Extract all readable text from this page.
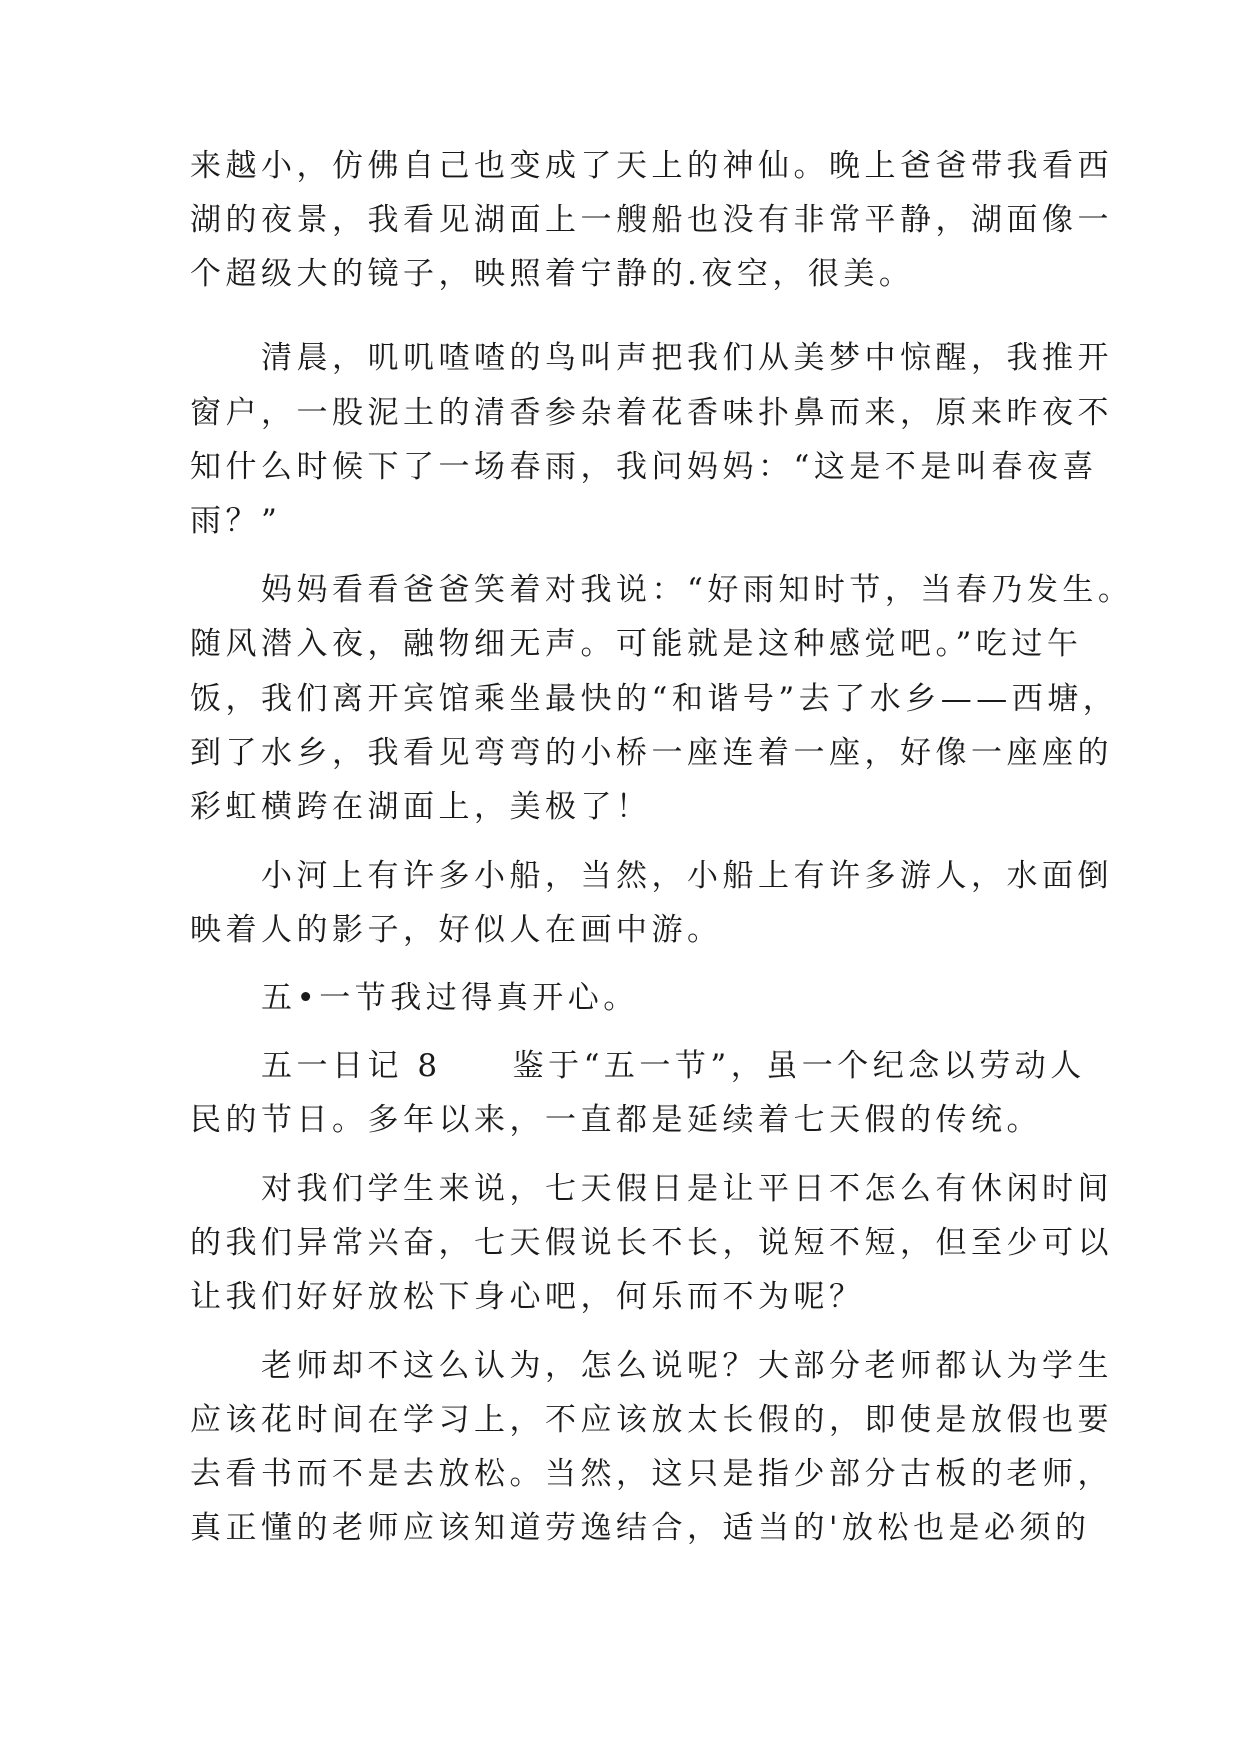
来越小，仿佛自己也变成了天上的神仙。晚上爸爸带我看西
湖的夜景，我看见湖面上一艘船也没有非常平静，湖面像一
个超级大的镜子，映照着宁静的.夜空，很美。
　　清晨，叽叽喳喳的鸟叫声把我们从美梦中惊醒，我推开
窗户，一股泥土的清香参杂着花香味扑鼻而来，原来昨夜不
知什么时候下了一场春雨，我问妈妈：“这是不是叫春夜喜
雨？”
　　妈妈看看爸爸笑着对我说：“好雨知时节，当春乃发生。
随风潜入夜，融物细无声。可能就是这种感觉吧。”吃过午
饭，我们离开宾馆乘坐最快的“和谐号”去了水乡——西塘，
到了水乡，我看见弯弯的小桥一座连着一座，好像一座座的
彩虹横跨在湖面上，美极了！
　　小河上有许多小船，当然，小船上有许多游人，水面倒
映着人的影子，好似人在画中游。
　　五•一节我过得真开心。
　　五一日记 8　　鉴于“五一节”，虽一个纪念以劳动人
民的节日。多年以来，一直都是延续着七天假的传统。
　　对我们学生来说，七天假日是让平日不怎么有休闲时间
的我们异常兴奋，七天假说长不长，说短不短，但至少可以
让我们好好放松下身心吧，何乐而不为呢？
　　老师却不这么认为，怎么说呢？大部分老师都认为学生
应该花时间在学习上，不应该放太长假的，即使是放假也要
去看书而不是去放松。当然，这只是指少部分古板的老师，
真正懂的老师应该知道劳逸结合，适当的'放松也是必须的
